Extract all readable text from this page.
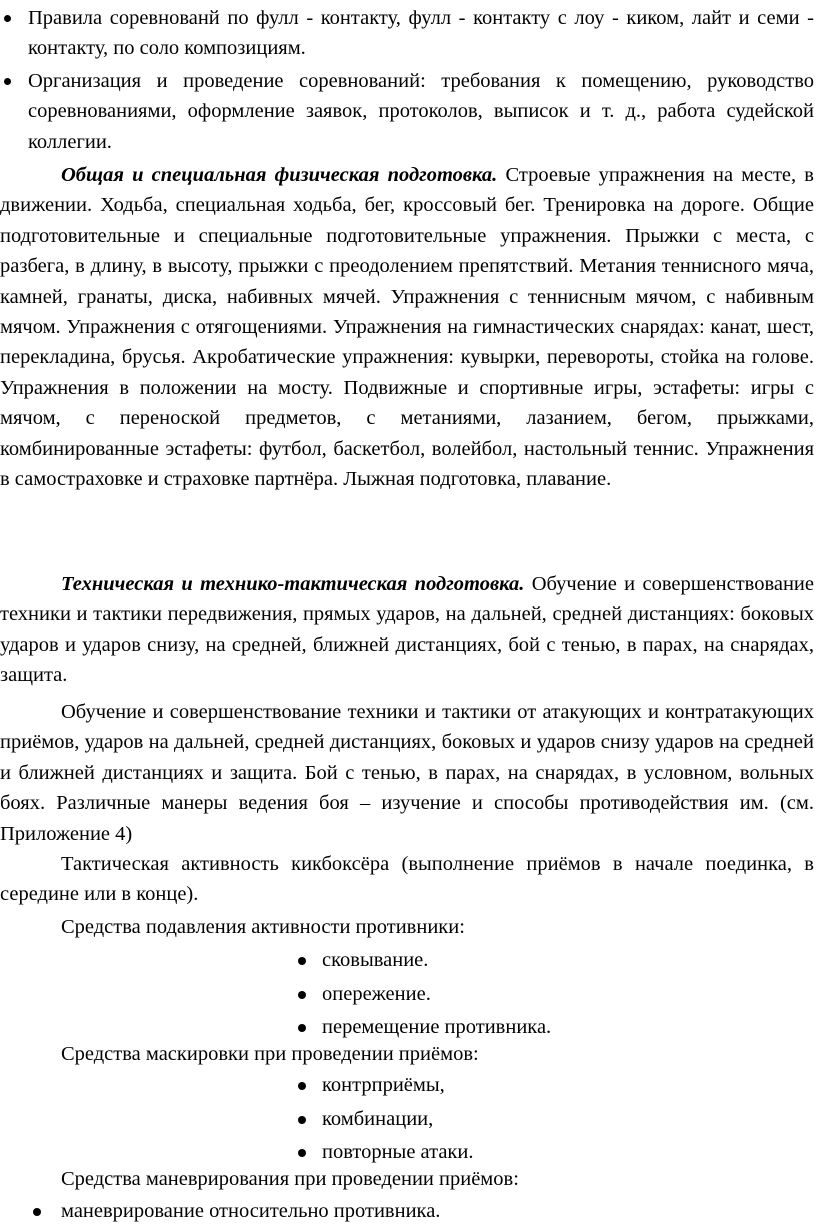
Правила соревнованй по фулл - контакту, фулл - контакту с лоу - киком, лайт и семи - контакту, по соло композициям.
Организация и проведение соревнований: требования к помещению, руководство соревнованиями, оформление заявок, протоколов, выписок и т. д., работа судейской коллегии.

Общая и специальная физическая подготовка. Строевые упражнения на месте, в движении. Ходьба, специальная ходьба, бег, кроссовый бег. Тренировка на дороге. Общие подготовительные и специальные подготовительные упражнения. Прыжки с места, с разбега, в длину, в высоту, прыжки с преодолением препятствий. Метания теннисного мяча, камней, гранаты, диска, набивных мячей. Упражнения с теннисным мячом, с набивным мячом. Упражнения с отягощениями. Упражнения на гимнастических снарядах: канат, шест, перекладина, брусья. Акробатические упражнения: кувырки, перевороты, стойка на голове. Упражнения в положении на мосту. Подвижные и спортивные игры, эстафеты: игры с мячом, с переноской предметов, с метаниями, лазанием, бегом, прыжками, комбинированные эстафеты: футбол, баскетбол, волейбол, настольный теннис. Упражнения в самостраховке и страховке партнёра. Лыжная подготовка, плавание.

Техническая и технико-тактическая подготовка. Обучение и совершенствование техники и тактики передвижения, прямых ударов, на дальней, средней дистанциях: боковых ударов и ударов снизу, на средней, ближней дистанциях, бой с тенью, в парах, на снарядах, защита.

Обучение и совершенствование техники и тактики от атакующих и контратакующих приёмов, ударов на дальней, средней дистанциях, боковых и ударов снизу ударов на средней и ближней дистанциях и защита. Бой с тенью, в парах, на снарядах, в условном, вольных боях. Различные манеры ведения боя – изучение и способы противодействия им. (см. Приложение 4)

Тактическая активность кикбоксёра (выполнение приёмов в начале поединка, в середине или в конце).

Средства подавления активности противники:

сковывание.
опережение.
перемещение противника.

Средства маскировки при проведении приёмов:

контрприёмы,
комбинации,
повторные атаки.

Средства маневрирования при проведении приёмов:

маневрирование относительно противника.
